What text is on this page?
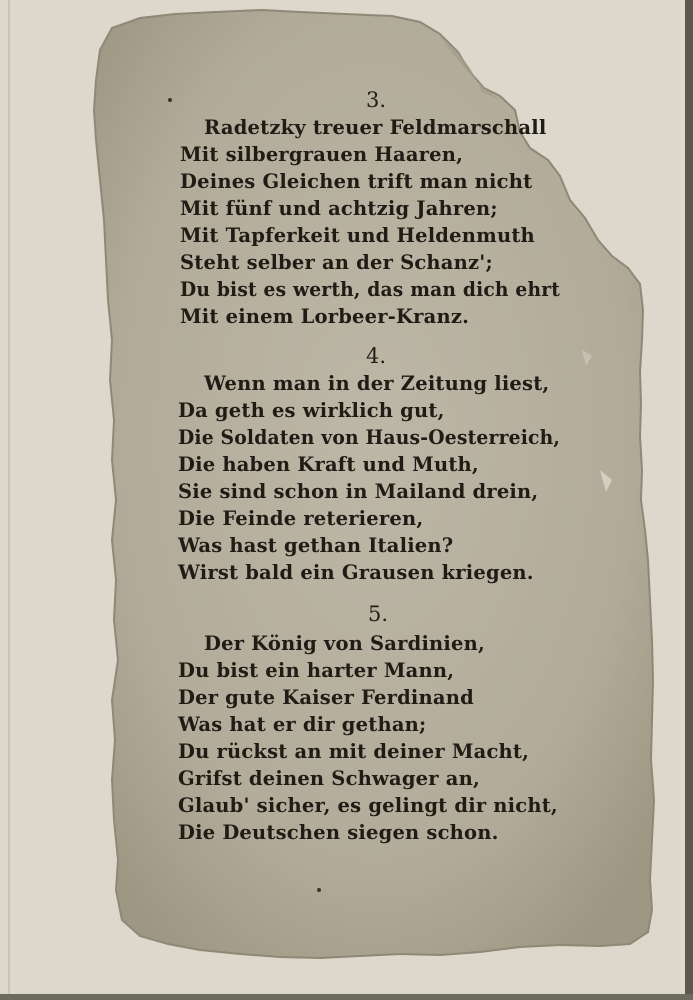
3.
Radetzky treuer Feldmarschall
Mit silbergrauen Haaren,
Deines Gleichen trift man nicht
Mit fünf und achtzig Jahren;
Mit Tapferkeit und Heldenmuth
Steht selber an der Schanz';
Du bist es werth, das man dich ehrt
Mit einem Lorbeer-Kranz.
4.
Wenn man in der Zeitung liest,
Da geth es wirklich gut,
Die Soldaten von Haus-Oesterreich,
Die haben Kraft und Muth,
Sie sind schon in Mailand drein,
Die Feinde reterieren,
Was hast gethan Italien?
Wirst bald ein Grausen kriegen.
5.
Der König von Sardinien,
Du bist ein harter Mann,
Der gute Kaiser Ferdinand
Was hat er dir gethan;
Du rückst an mit deiner Macht,
Grifst deinen Schwager an,
Glaub' sicher, es gelingt dir nicht,
Die Deutschen siegen schon.
